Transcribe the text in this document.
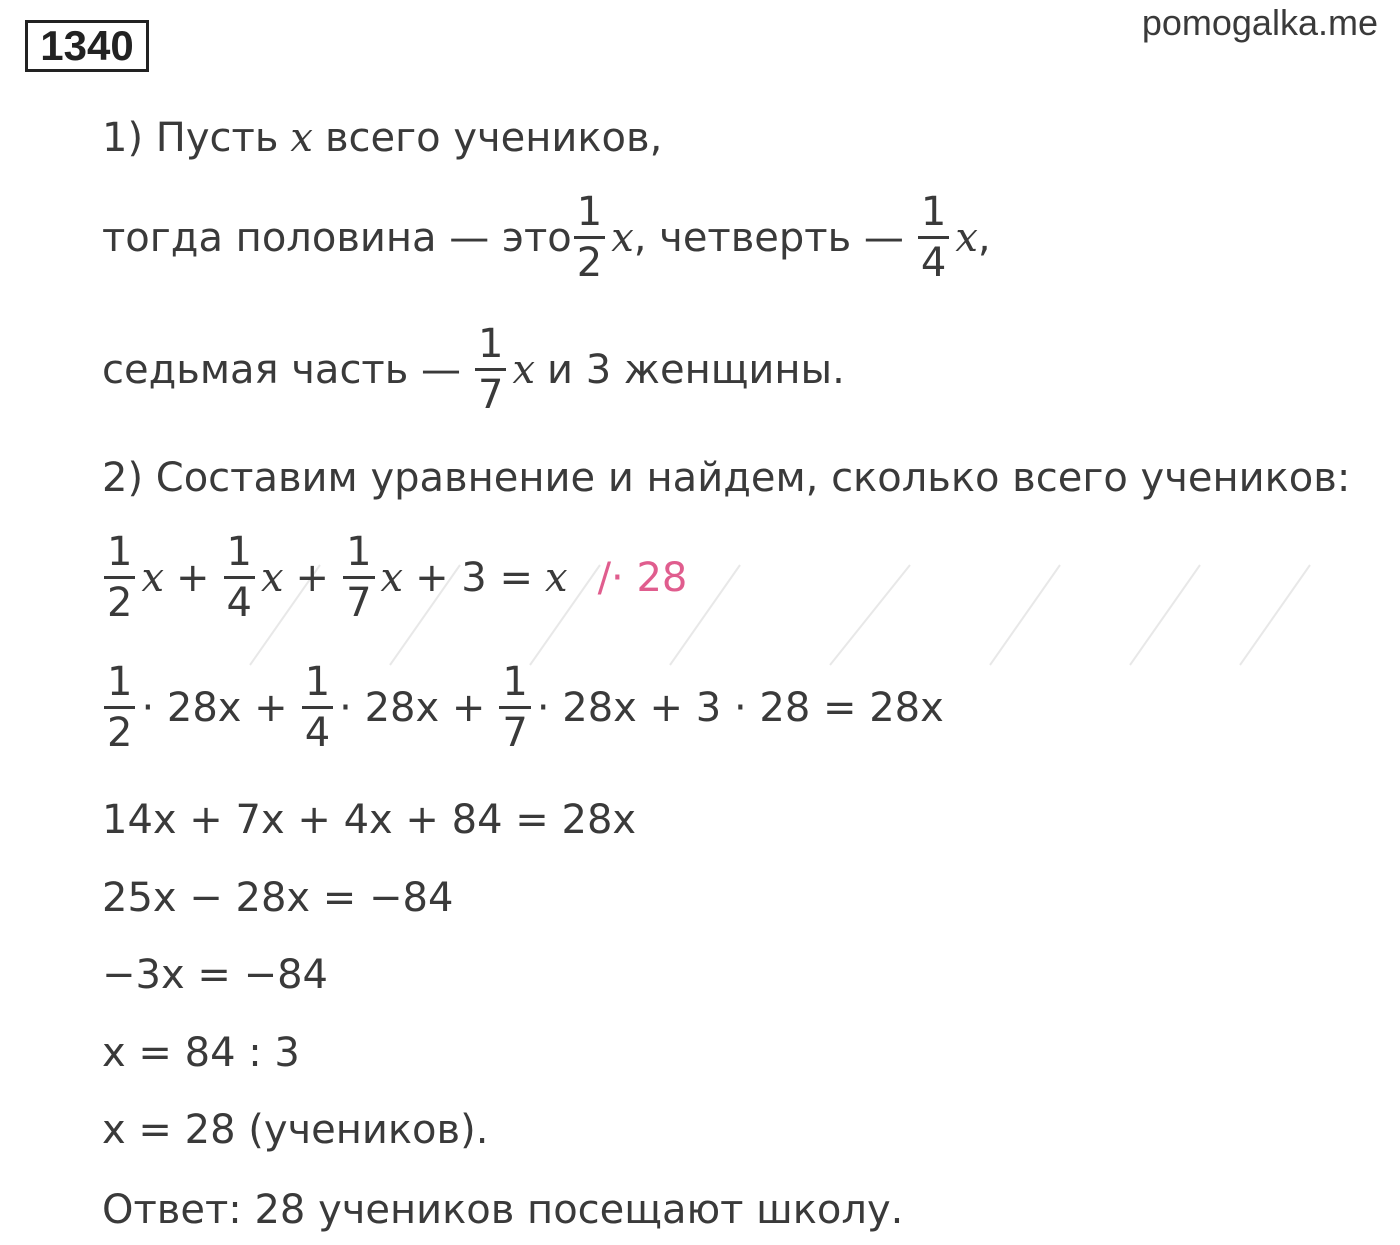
1340	pomogalka.me
1) Пусть x всего учеников,
тогда половина — это $\frac{1}{2}$ x , четверть — $\frac{1}{4}$ x ,
седьмая часть — $\frac{1}{7}$ x и 3 женщины.
2) Составим уравнение и найдем, сколько всего учеников:
$\frac{1}{2}$ $x + \frac{1}{4}$ $x + \frac{1}{7}$ x + 3 = x /· 28
$\frac{1}{2} \cdot 28x + \frac{1}{4} \cdot 28x + \frac{1}{7} \cdot 28x + 3 \cdot 28 = 28x$
14x + 7x + 4x + 84 = 28x
25x − 28x = −84
−3x = −84
x = 84 : 3
x = 28 (учеников).
Ответ: 28 учеников посещают школу.
